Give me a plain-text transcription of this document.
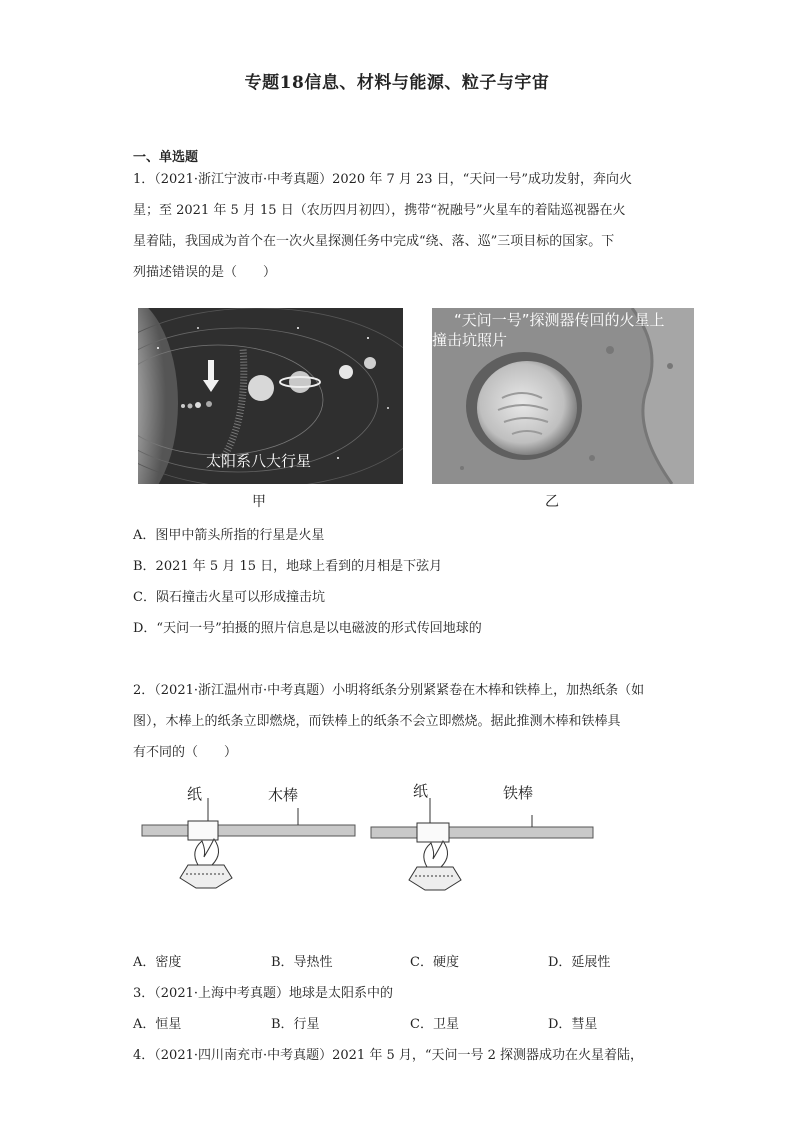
专题18信息、材料与能源、粒子与宇宙
一、单选题
1．（2021·浙江宁波市·中考真题）2020 年 7 月 23 日，“天问一号”成功发射，奔向火
星；至 2021 年 5 月 15 日（农历四月初四），携带“祝融号”火星车的着陆巡视器在火
星着陆，我国成为首个在一次火星探测任务中完成“绕、落、巡”三项目标的国家。下
列描述错误的是（　　）
太阳系八大行星
甲
“天问一号”探测器传回的火星上
撞击坑照片
乙
A．图甲中箭头所指的行星是火星
B．2021 年 5 月 15 日，地球上看到的月相是下弦月
C．陨石撞击火星可以形成撞击坑
D．“天问一号”拍摄的照片信息是以电磁波的形式传回地球的
2．（2021·浙江温州市·中考真题）小明将纸条分别紧紧卷在木棒和铁棒上，加热纸条（如
图），木棒上的纸条立即燃烧，而铁棒上的纸条不会立即燃烧。据此推测木棒和铁棒具
有不同的（　　）
纸	木棒	纸	铁棒
A．密度	B．导热性	C．硬度	D．延展性
3．（2021·上海中考真题）地球是太阳系中的
A．恒星	B．行星	C．卫星	D．彗星
4．（2021·四川南充市·中考真题）2021 年 5 月，“天问一号 2 探测器成功在火星着陆，
